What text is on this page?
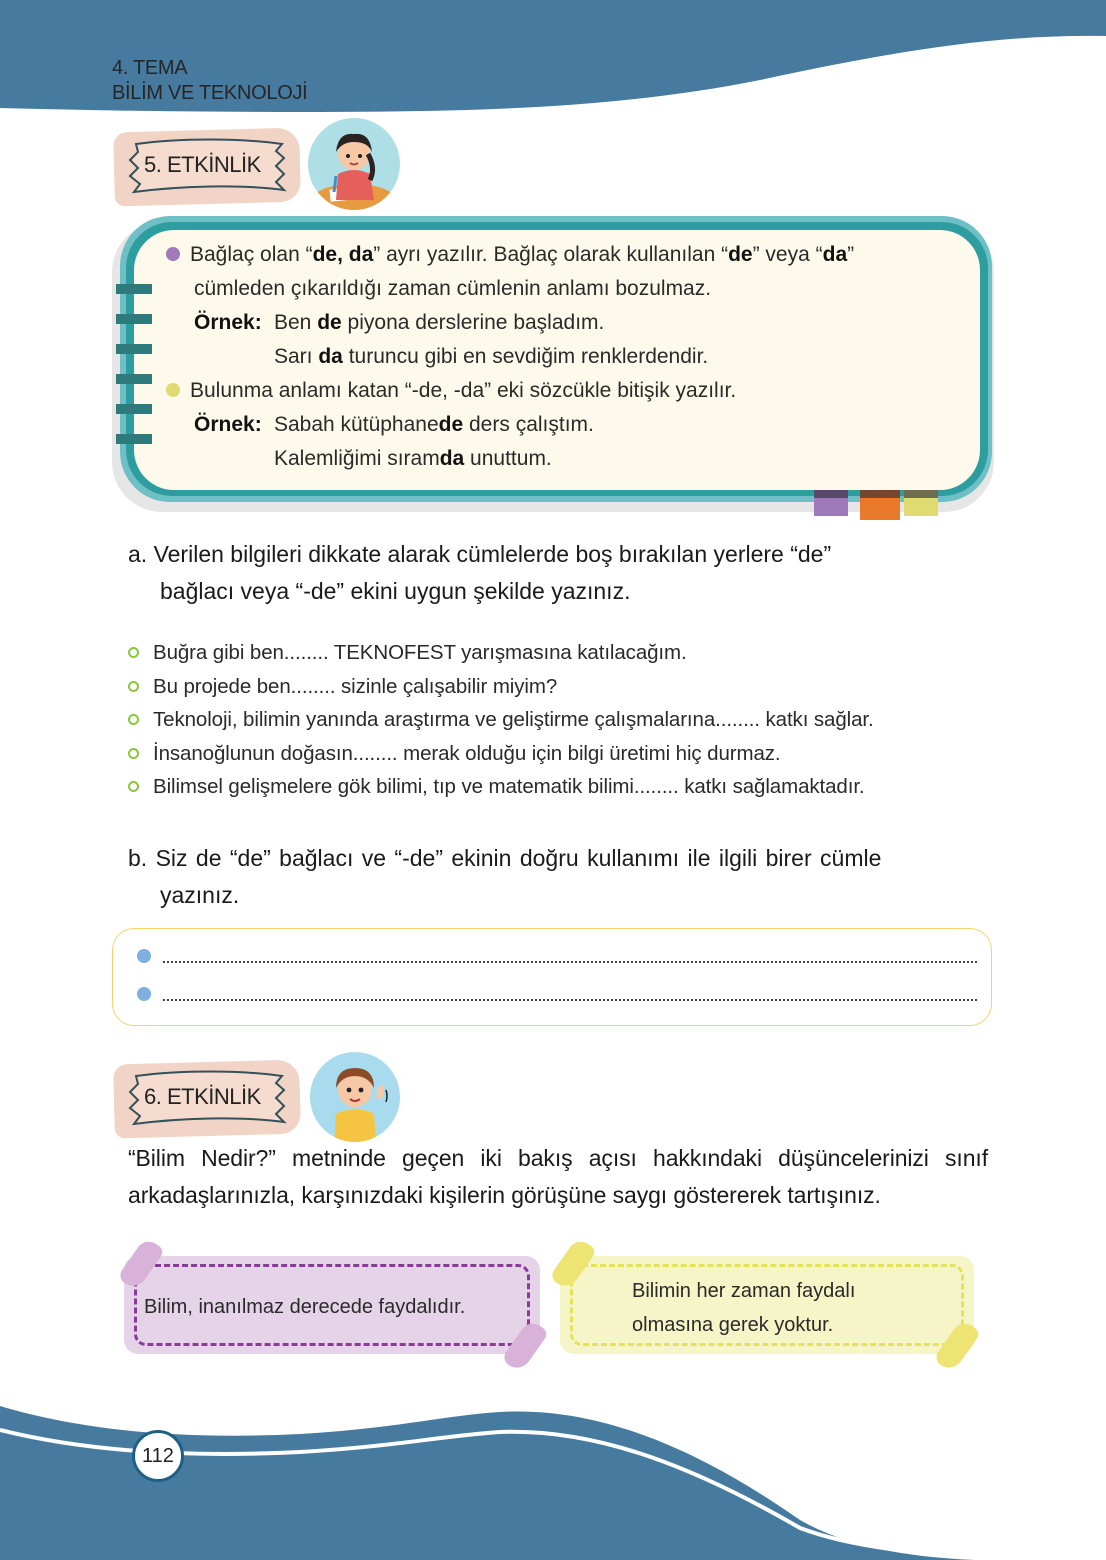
4. TEMA
BİLİM VE TEKNOLOJİ
5. ETKİNLİK
Bağlaç olan “de, da” ayrı yazılır. Bağlaç olarak kullanılan “de” veya “da”
cümleden çıkarıldığı zaman cümlenin anlamı bozulmaz.
Örnek: Ben de piyona derslerine başladım.
Sarı da turuncu gibi en sevdiğim renklerdendir.
Bulunma anlamı katan “-de, -da” eki sözcükle bitişik yazılır.
Örnek: Sabah kütüphanede ders çalıştım.
Kalemliğimi sıramda unuttum.
a. Verilen bilgileri dikkate alarak cümlelerde boş bırakılan yerlere “de”
bağlacı veya “-de” ekini uygun şekilde yazınız.
Buğra gibi ben........ TEKNOFEST yarışmasına katılacağım.
Bu projede ben........ sizinle çalışabilir miyim?
Teknoloji, bilimin yanında araştırma ve geliştirme çalışmalarına........ katkı sağlar.
İnsanoğlunun doğasın........ merak olduğu için bilgi üretimi hiç durmaz.
Bilimsel gelişmelere gök bilimi, tıp ve matematik bilimi........ katkı sağlamaktadır.
b. Siz de “de” bağlacı ve “-de” ekinin doğru kullanımı ile ilgili birer cümle
yazınız.
6. ETKİNLİK
“Bilim Nedir?” metninde geçen iki bakış açısı hakkındaki düşüncelerinizi sınıf arkadaşlarınızla, karşınızdaki kişilerin görüşüne saygı göstererek tartışınız.
Bilim, inanılmaz derecede faydalıdır.
Bilimin her zaman faydalı
olmasına gerek yoktur.
112
